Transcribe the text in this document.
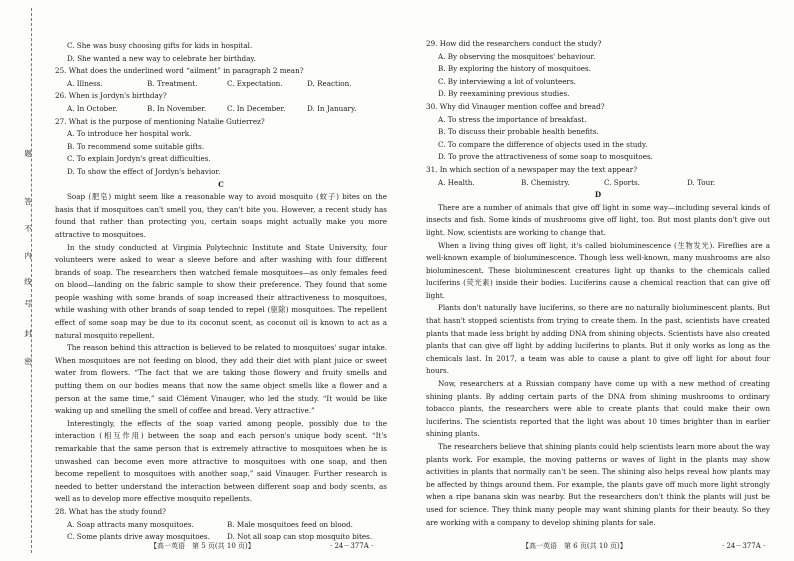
题
号
答
不
内
线
封
密

C. She was busy choosing gifts for kids in hospital.

D. She wanted a new way to celebrate her birthday.

25. What does the underlined word “ailment” in paragraph 2 mean?

A. Illness.	B. Treatment.	C. Expectation.	D. Reaction.

26. When is Jordyn's birthday?

A. In October.	B. In November.	C. In December.	D. In January.

27. What is the purpose of mentioning Natalie Gutierrez?

A. To introduce her hospital work.

B. To recommend some suitable gifts.

C. To explain Jordyn's great difficulties.

D. To show the effect of Jordyn's behavior.

C

Soap (肥皂) might seem like a reasonable way to avoid mosquito (蚊子) bites on the basis that if mosquitoes can't smell you, they can't bite you. However, a recent study has found that rather than protecting you, certain soaps might actually make you more attractive to mosquitoes.

In the study conducted at Virginia Polytechnic Institute and State University, four volunteers were asked to wear a sleeve before and after washing with four different brands of soap. The researchers then watched female mosquitoes—as only females feed on blood—landing on the fabric sample to show their preference. They found that some people washing with some brands of soap increased their attractiveness to mosquitoes, while washing with other brands of soap tended to repel (驱除) mosquitoes. The repellent effect of some soap may be due to its coconut scent, as coconut oil is known to act as a natural mosquito repellent.

The reason behind this attraction is believed to be related to mosquitoes' sugar intake. When mosquitoes are not feeding on blood, they add their diet with plant juice or sweet water from flowers. “The fact that we are taking those flowery and fruity smells and putting them on our bodies means that now the same object smells like a flower and a person at the same time,” said Clément Vinauger, who led the study. “It would be like waking up and smelling the smell of coffee and bread. Very attractive.”

Interestingly, the effects of the soap varied among people, possibly due to the interaction (相互作用) between the soap and each person's unique body scent. “It's remarkable that the same person that is extremely attractive to mosquitoes when he is unwashed can become even more attractive to mosquitoes with one soap, and then become repellent to mosquitoes with another soap,” said Vinauger. Further research is needed to better understand the interaction between different soap and body scents, as well as to develop more effective mosquito repellents.

28. What has the study found?

A. Soap attracts many mosquitoes.	B. Male mosquitoes feed on blood.
C. Some plants drive away mosquitoes.	D. Not all soap can stop mosquito bites.

29. How did the researchers conduct the study?

A. By observing the mosquitoes' behaviour.

B. By exploring the history of mosquitoes.

C. By interviewing a lot of volunteers.

D. By reexamining previous studies.

30. Why did Vinauger mention coffee and bread?

A. To stress the importance of breakfast.

B. To discuss their probable health benefits.

C. To compare the difference of objects used in the study.

D. To prove the attractiveness of some soap to mosquitoes.

31. In which section of a newspaper may the text appear?

A. Health.	B. Chemistry.	C. Sports.	D. Tour.

D

There are a number of animals that give off light in some way—including several kinds of insects and fish. Some kinds of mushrooms give off light, too. But most plants don't give out light. Now, scientists are working to change that.

When a living thing gives off light, it's called bioluminescence (生物发光). Fireflies are a well-known example of bioluminescence. Though less well-known, many mushrooms are also bioluminescent. These bioluminescent creatures light up thanks to the chemicals called luciferins (荧光素) inside their bodies. Luciferins cause a chemical reaction that can give off light.

Plants don't naturally have luciferins, so there are no naturally bioluminescent plants. But that hasn't stopped scientists from trying to create them. In the past, scientists have created plants that made less bright by adding DNA from shining objects. Scientists have also created plants that can give off light by adding luciferins to plants. But it only works as long as the chemicals last. In 2017, a team was able to cause a plant to give off light for about four hours.

Now, researchers at a Russian company have come up with a new method of creating shining plants. By adding certain parts of the DNA from shining mushrooms to ordinary tobacco plants, the researchers were able to create plants that could make their own luciferins. The scientists reported that the light was about 10 times brighter than in earlier shining plants.

The researchers believe that shining plants could help scientists learn more about the way plants work. For example, the moving patterns or waves of light in the plants may show activities in plants that normally can't be seen. The shining also helps reveal how plants may be affected by things around them. For example, the plants gave off much more light strongly when a ripe banana skin was nearby. But the researchers don't think the plants will just be used for science. They think many people may want shining plants for their beauty. So they are working with a company to develop shining plants for sale.

【高一英语　第 5 页(共 10 页)】	· 24－377A ·	【高一英语　第 6 页(共 10 页)】	· 24－377A ·
